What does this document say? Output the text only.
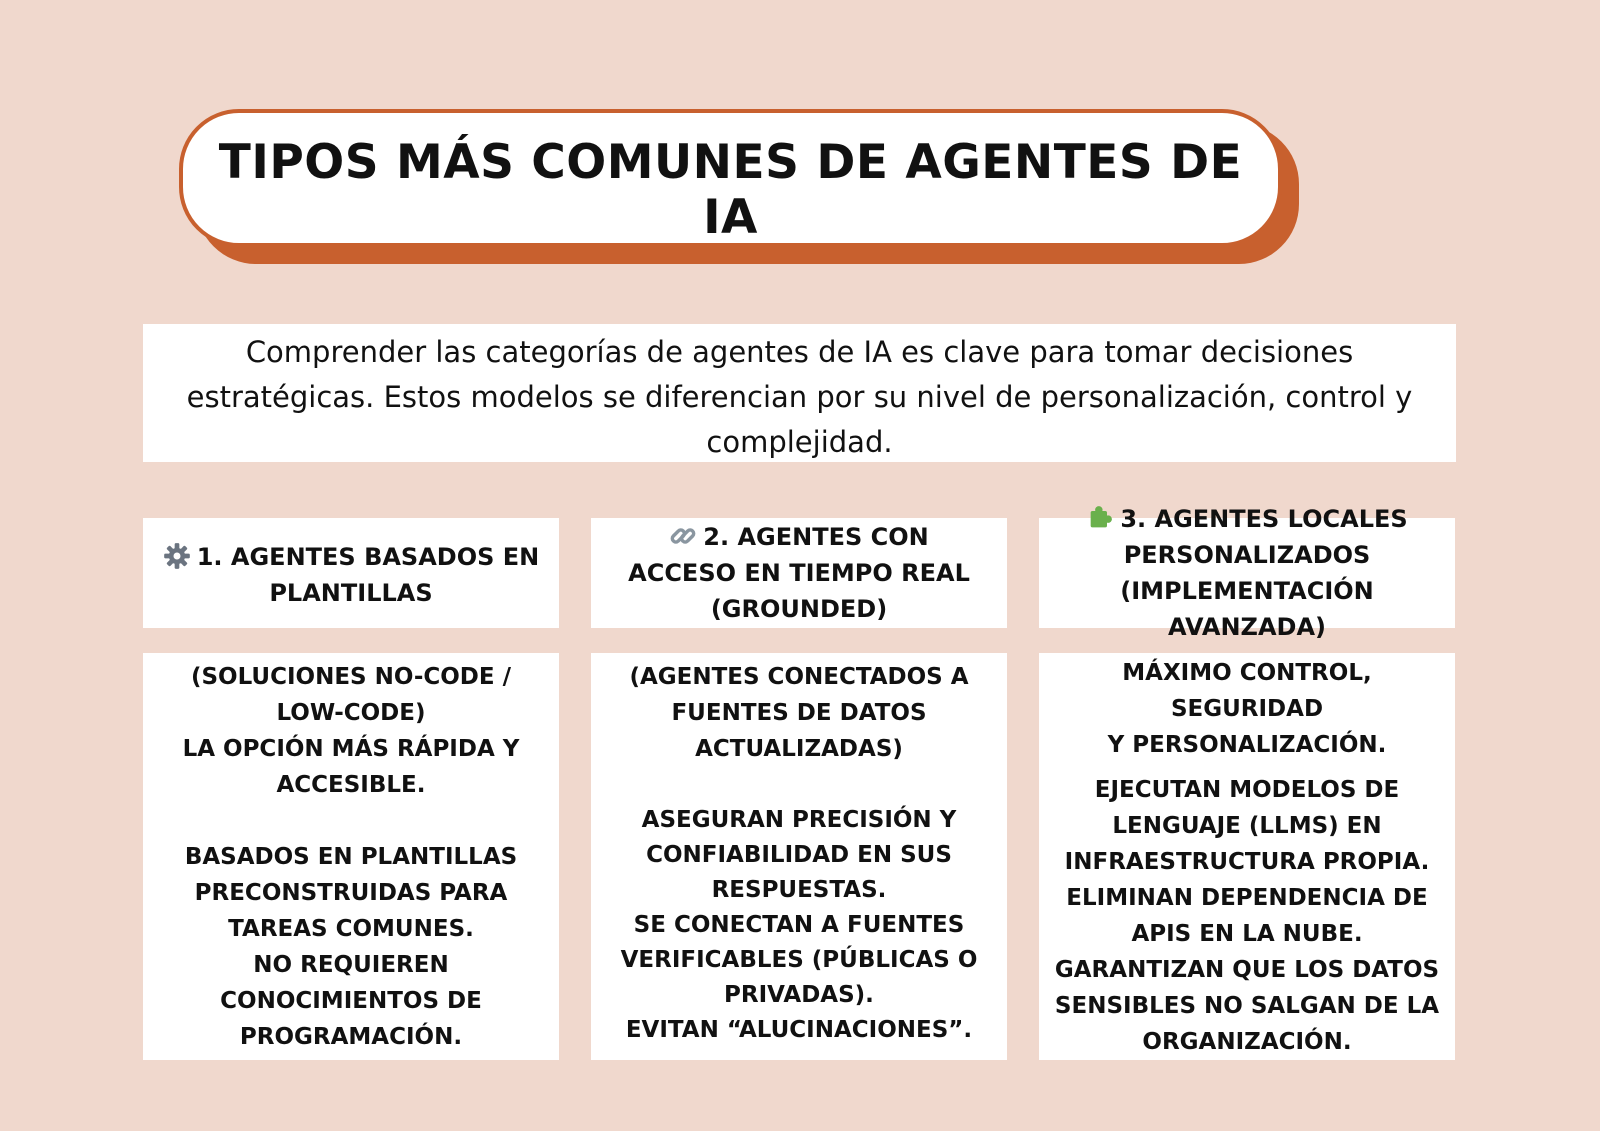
TIPOS MÁS COMUNES DE AGENTES DE IA
Comprender las categorías de agentes de IA es clave para tomar decisiones estratégicas. Estos modelos se diferencian por su nivel de personalización, control y complejidad.
1. AGENTES BASADOS EN
PLANTILLAS
2. AGENTES CON
ACCESO EN TIEMPO REAL
(GROUNDED)
3. AGENTES LOCALES
PERSONALIZADOS
(IMPLEMENTACIÓN AVANZADA)

(SOLUCIONES NO-CODE /
LOW-CODE)
LA OPCIÓN MÁS RÁPIDA Y
ACCESIBLE.

BASADOS EN PLANTILLAS
PRECONSTRUIDAS PARA
TAREAS COMUNES.
NO REQUIEREN
CONOCIMIENTOS DE
PROGRAMACIÓN.

(AGENTES CONECTADOS A
FUENTES DE DATOS
ACTUALIZADAS)

ASEGURAN PRECISIÓN Y
CONFIABILIDAD EN SUS
RESPUESTAS.
SE CONECTAN A FUENTES
VERIFICABLES (PÚBLICAS O
PRIVADAS).
EVITAN “ALUCINACIONES”.

MÁXIMO CONTROL, SEGURIDAD
Y PERSONALIZACIÓN.

EJECUTAN MODELOS DE
LENGUAJE (LLMS) EN
INFRAESTRUCTURA PROPIA.
ELIMINAN DEPENDENCIA DE
APIS EN LA NUBE.
GARANTIZAN QUE LOS DATOS
SENSIBLES NO SALGAN DE LA
ORGANIZACIÓN.
